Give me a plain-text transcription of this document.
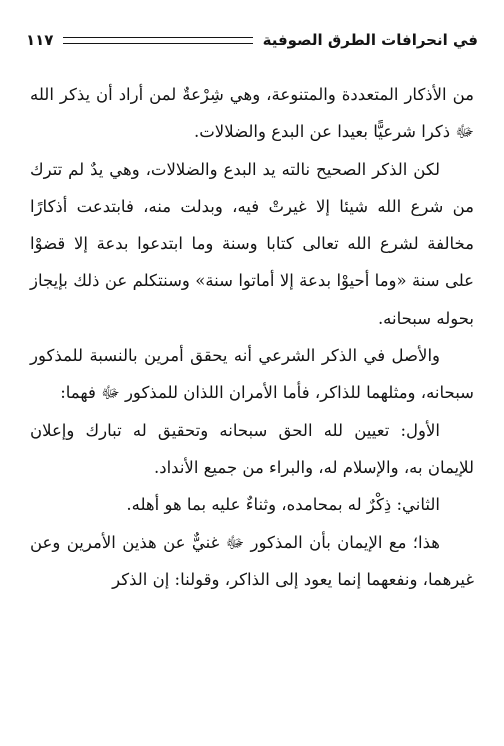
في انحرافات الطرق الصوفية
١١٧

من الأذكار المتعددة والمتنوعة، وهي شِرْعةٌ لمن أراد أن يذكر الله ﷻ ذكرا شرعيًّا بعيدا عن البدع والضلالات.

لكن الذكر الصحيح نالته يد البدع والضلالات، وهي يدٌ لم تترك من شرع الله شيئا إلا غيرتْ فيه، وبدلت منه، فابتدعت أذكارًا مخالفة لشرع الله تعالى كتابا وسنة وما ابتدعوا بدعة إلا قضوْا على سنة «وما أحيوْا بدعة إلا أماتوا سنة» وسنتكلم عن ذلك بإيجاز بحوله سبحانه.

والأصل في الذكر الشرعي أنه يحقق أمرين بالنسبة للمذكور سبحانه، ومثلهما للذاكر، فأما الأمران اللذان للمذكور ﷻ فهما:

الأول: تعيين لله الحق سبحانه وتحقيق له تبارك وإعلان للإيمان به، والإسلام له، والبراء من جميع الأنداد.

الثاني: ذِكْرٌ له بمحامده، وثناءٌ عليه بما هو أهله.

هذا؛ مع الإيمان بأن المذكور ﷻ غنيٌّ عن هذين الأمرين وعن غيرهما، ونفعهما إنما يعود إلى الذاكر، وقولنا: إن الذكر
